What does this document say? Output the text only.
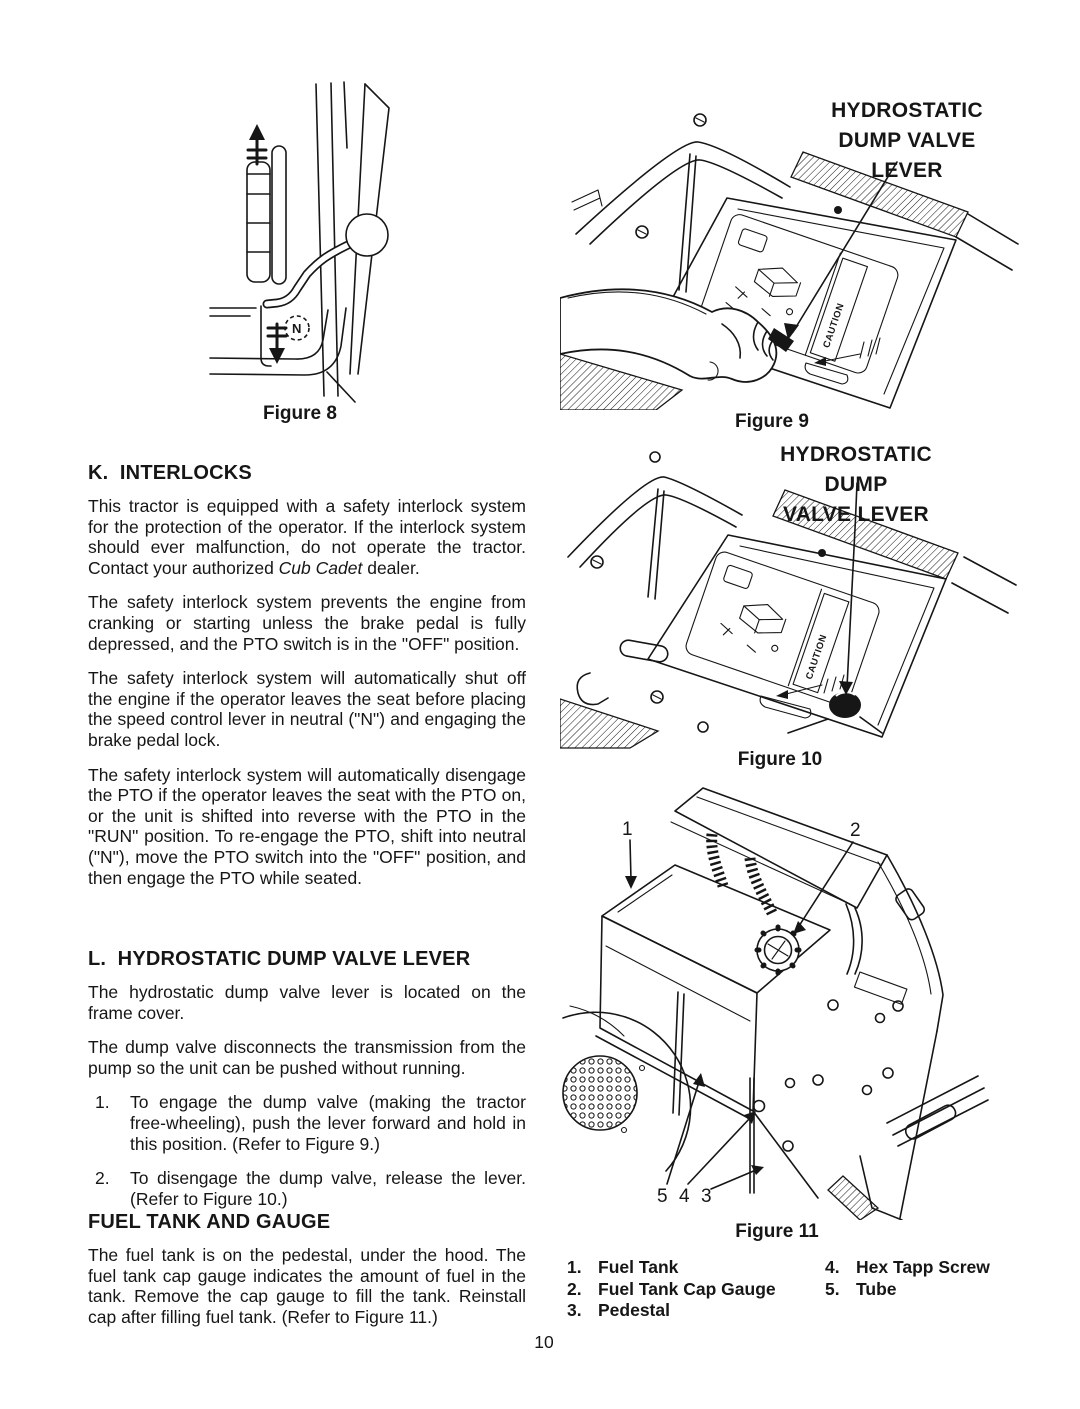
N
Figure 8
CAUTION
HYDROSTATIC
DUMP VALVE
LEVER
Figure 9
CAUTION
HYDROSTATIC DUMP
VALVE LEVER
Figure 10
1	2
5 4 3
Figure 11
K.  INTERLOCKS

This tractor is equipped with a safety interlock system for the protection of the operator. If the interlock system should ever malfunction, do not operate the tractor. Contact your authorized Cub Cadet dealer.

The safety interlock system prevents the engine from cranking or starting unless the brake pedal is fully depressed, and the PTO switch is in the "OFF" position.

The safety interlock system will automatically shut off the engine if the operator leaves the seat before placing the speed control lever in neutral ("N") and engaging the brake pedal lock.

The safety interlock system will automatically disengage the PTO if the operator leaves the seat with the PTO on, or the unit is shifted into reverse with the PTO in the "RUN" position. To re-engage the PTO, shift into neutral ("N"), move the PTO switch into the "OFF" position, and then engage the PTO while seated.

L.  HYDROSTATIC DUMP VALVE LEVER

The hydrostatic dump valve lever is located on the frame cover.

The dump valve disconnects the transmission from the pump so the unit can be pushed without running.

1. To engage the dump valve (making the tractor free-wheeling), push the lever forward and hold in this position. (Refer to Figure 9.)
2. To disengage the dump valve, release the lever. (Refer to Figure 10.)
FUEL TANK AND GAUGE

The fuel tank is on the pedestal, under the hood. The fuel tank cap gauge indicates the amount of fuel in the tank. Remove the cap gauge to fill the tank. Reinstall cap after filling fuel tank. (Refer to Figure 11.)

1. Fuel Tank
2. Fuel Tank Cap Gauge
3. Pedestal
4. Hex Tapp Screw
5. Tube
10
